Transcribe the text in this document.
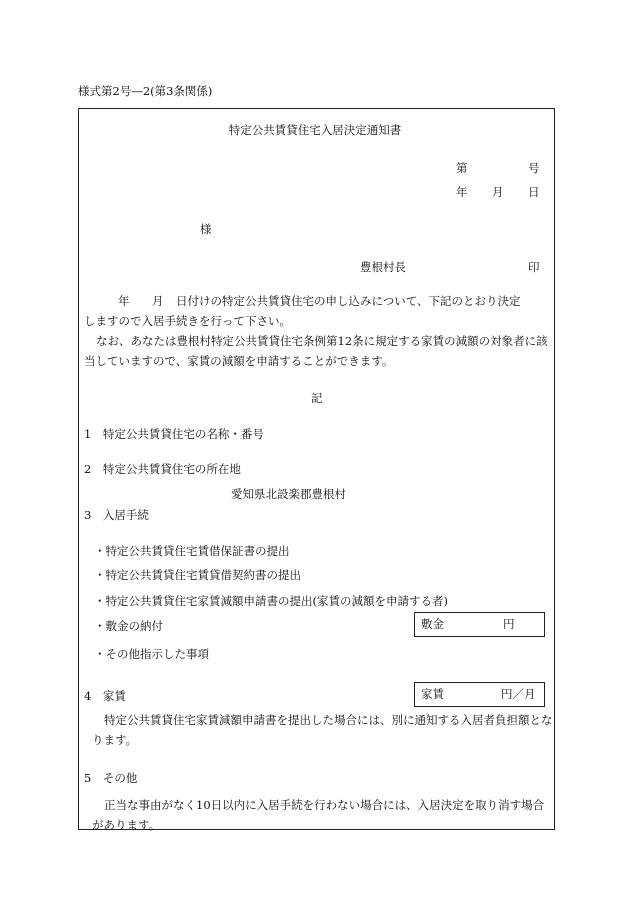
様式第2号―2(第3条関係)
特定公共賃貸住宅入居決定通知書
第	号
年 月 日
様
豊根村長	印
年 月 日付けの特定公共賃貸住宅の申し込みについて、下記のとおり決定
しますので入居手続きを行って下さい。
なお、あなたは豊根村特定公共賃貸住宅条例第12条に規定する家賃の減額の対象者に該当していますので、家賃の減額を申請することができます。
記
1　特定公共賃貸住宅の名称・番号
2　特定公共賃貸住宅の所在地
愛知県北設楽郡豊根村
3　入居手続
・特定公共賃貸住宅賃借保証書の提出
・特定公共賃貸住宅賃貸借契約書の提出
・特定公共賃貸住宅家賃減額申請書の提出(家賃の減額を申請する者)
・敷金の納付
・その他指示した事項
敷金	円
4　家賃	家賃	円／月
特定公共賃貸住宅家賃減額申請書を提出した場合には、別に通知する入居者負担額となります。
5　その他
正当な事由がなく10日以内に入居手続を行わない場合には、入居決定を取り消す場合があります。
